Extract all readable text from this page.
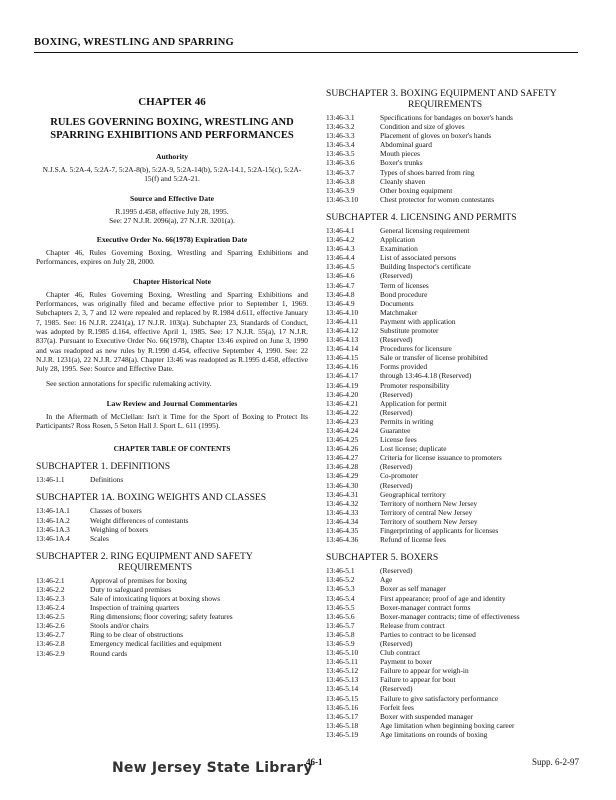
BOXING, WRESTLING AND SPARRING
CHAPTER 46
RULES GOVERNING BOXING, WRESTLING AND SPARRING EXHIBITIONS AND PERFORMANCES
Authority

N.J.S.A. 5:2A-4, 5:2A-7, 5:2A-8(b), 5:2A-9, 5:2A-14(b), 5:2A-14.1, 5:2A-15(c), 5:2A-15(f) and 5:2A-21.

Source and Effective Date

R.1995 d.458, effective July 28, 1995.

See: 27 N.J.R. 2096(a), 27 N.J.R. 3201(a).

Executive Order No. 66(1978) Expiration Date

Chapter 46, Rules Governing Boxing, Wrestling and Sparring Exhibitions and Performances, expires on July 28, 2000.

Chapter Historical Note

Chapter 46, Rules Governing Boxing, Wrestling and Sparring Exhibitions and Performances, was originally filed and became effective prior to September 1, 1969. Subchapters 2, 3, 7 and 12 were repealed and replaced by R.1984 d.611, effective January 7, 1985. See: 16 N.J.R. 2241(a), 17 N.J.R. 103(a). Subchapter 23, Standards of Conduct, was adopted by R.1985 d.164, effective April 1, 1985. See: 17 N.J.R. 55(a), 17 N.J.R. 837(a). Pursuant to Executive Order No. 66(1978), Chapter 13:46 expired on June 3, 1990 and was readopted as new rules by R.1990 d.454, effective September 4, 1990. See: 22 N.J.R. 1231(a), 22 N.J.R. 2748(a). Chapter 13:46 was readopted as R.1995 d.458, effective July 28, 1995. See: Source and Effective Date.

See section annotations for specific rulemaking activity.

Law Review and Journal Commentaries

In the Aftermath of McClellan: Isn't it Time for the Sport of Boxing to Protect Its Participants? Ross Rosen, 5 Seton Hall J. Sport L. 611 (1995).

CHAPTER TABLE OF CONTENTS
SUBCHAPTER 1. DEFINITIONS
13:46-1.1	Definitions
SUBCHAPTER 1A. BOXING WEIGHTS AND CLASSES
13:46-1A.1	Classes of boxers
13:46-1A.2	Weight differences of contestants
13:46-1A.3	Weighing of boxers
13:46-1A.4	Scales
SUBCHAPTER 2. RING EQUIPMENT AND SAFETY REQUIREMENTS
13:46-2.1	Approval of premises for boxing
13:46-2.2	Duty to safeguard premises
13:46-2.3	Sale of intoxicating liquors at boxing shows
13:46-2.4	Inspection of training quarters
13:46-2.5	Ring dimensions; floor covering; safety features
13:46-2.6	Stools and/or chairs
13:46-2.7	Ring to be clear of obstructions
13:46-2.8	Emergency medical facilities and equipment
13:46-2.9	Round cards
SUBCHAPTER 3. BOXING EQUIPMENT AND SAFETY REQUIREMENTS
13:46-3.1	Specifications for bandages on boxer's hands
13:46-3.2	Condition and size of gloves
13:46-3.3	Placement of gloves on boxer's hands
13:46-3.4	Abdominal guard
13:46-3.5	Mouth pieces
13:46-3.6	Boxer's trunks
13:46-3.7	Types of shoes barred from ring
13:46-3.8	Cleanly shaven
13:46-3.9	Other boxing equipment
13:46-3.10	Chest protector for women contestants
SUBCHAPTER 4. LICENSING AND PERMITS
13:46-4.1	General licensing requirement
13:46-4.2	Application
13:46-4.3	Examination
13:46-4.4	List of associated persons
13:46-4.5	Building Inspector's certificate
13:46-4.6	(Reserved)
13:46-4.7	Term of licenses
13:46-4.8	Bond procedure
13:46-4.9	Documents
13:46-4.10	Matchmaker
13:46-4.11	Payment with application
13:46-4.12	Substitute promoter
13:46-4.13	(Reserved)
13:46-4.14	Procedures for licensure
13:46-4.15	Sale or transfer of license prohibited
13:46-4.16	Forms provided
13:46-4.17	through 13:46-4.18 (Reserved)
13:46-4.19	Promoter responsibility
13:46-4.20	(Reserved)
13:46-4.21	Application for permit
13:46-4.22	(Reserved)
13:46-4.23	Permits in writing
13:46-4.24	Guarantee
13:46-4.25	License fees
13:46-4.26	Lost license; duplicate
13:46-4.27	Criteria for license issuance to promoters
13:46-4.28	(Reserved)
13:46-4.29	Co-promoter
13:46-4.30	(Reserved)
13:46-4.31	Geographical territory
13:46-4.32	Territory of northern New Jersey
13:46-4.33	Territory of central New Jersey
13:46-4.34	Territory of southern New Jersey
13:46-4.35	Fingerprinting of applicants for licenses
13:46-4.36	Refund of license fees
SUBCHAPTER 5. BOXERS
13:46-5.1	(Reserved)
13:46-5.2	Age
13:46-5.3	Boxer as self manager
13:46-5.4	First appearance; proof of age and identity
13:46-5.5	Boxer-manager contract forms
13:46-5.6	Boxer-manager contracts; time of effectiveness
13:46-5.7	Release from contract
13:46-5.8	Parties to contract to be licensed
13:46-5.9	(Reserved)
13:46-5.10	Club contract
13:46-5.11	Payment to boxer
13:46-5.12	Failure to appear for weigh-in
13:46-5.13	Failure to appear for bout
13:46-5.14	(Reserved)
13:46-5.15	Failure to give satisfactory performance
13:46-5.16	Forfeit fees
13:46-5.17	Boxer with suspended manager
13:46-5.18	Age limitation when beginning boxing career
13:46-5.19	Age limitations on rounds of boxing
New Jersey State Library
46-1	Supp. 6-2-97
